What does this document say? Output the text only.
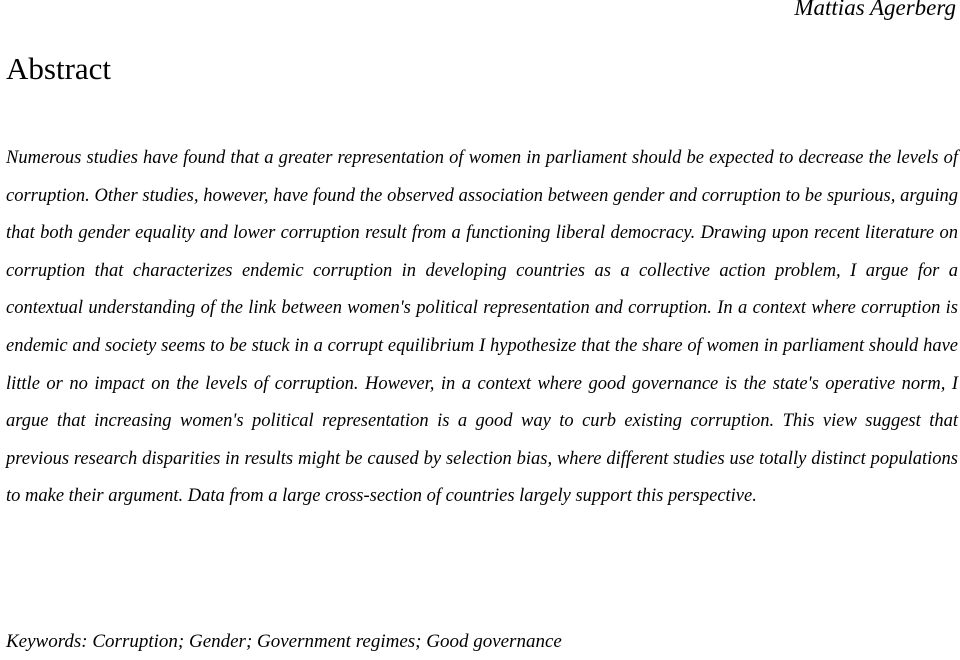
Mattias Agerberg
Abstract

Numerous studies have found that a greater representation of women in parliament should be expected to decrease the levels of corruption. Other studies, however, have found the observed association between gender and corruption to be spurious, arguing that both gender equality and lower corruption result from a functioning liberal democracy. Drawing upon recent literature on corruption that characterizes endemic corruption in developing countries as a collective action problem, I argue for a contextual understanding of the link between women's political representation and corruption. In a context where corruption is endemic and society seems to be stuck in a corrupt equilibrium I hypothesize that the share of women in parliament should have little or no impact on the levels of corruption. However, in a context where good governance is the state's operative norm, I argue that increasing women's political representation is a good way to curb existing corruption. This view suggest that previous research disparities in results might be caused by selection bias, where different studies use totally distinct populations to make their argument. Data from a large cross-section of countries largely support this perspective.

Keywords: Corruption; Gender; Government regimes; Good governance
